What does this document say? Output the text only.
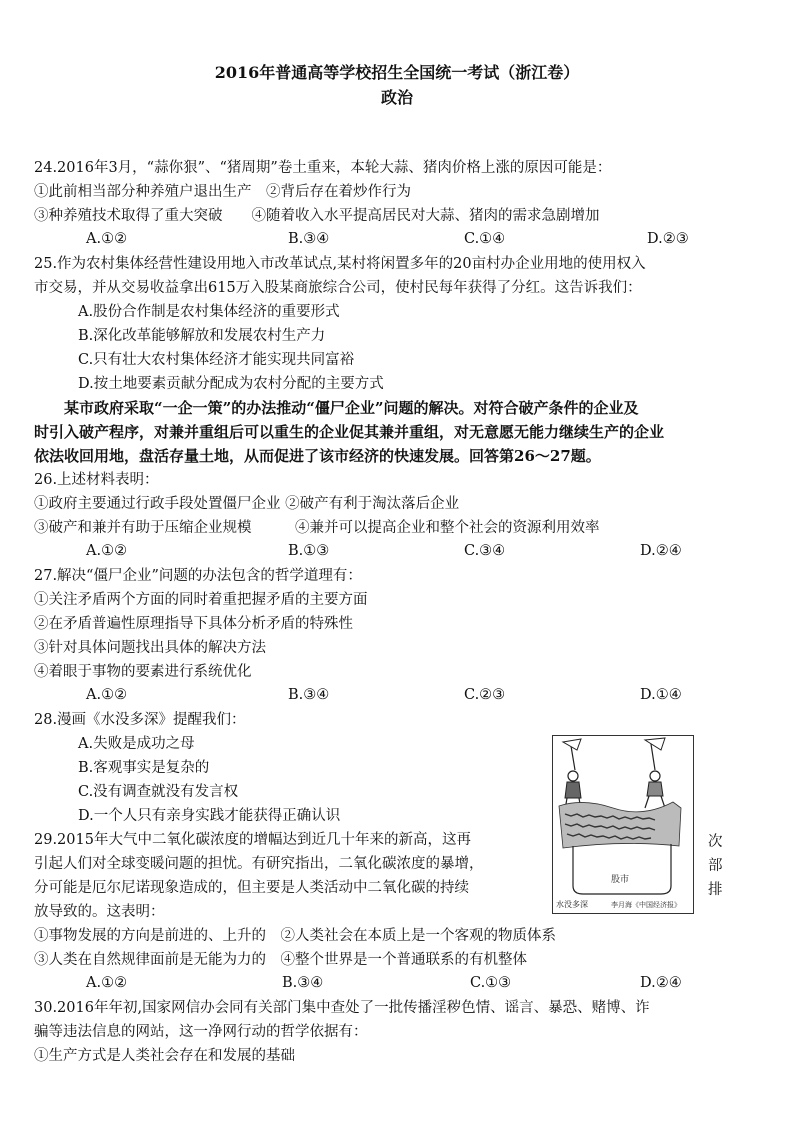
2016年普通高等学校招生全国统一考试（浙江卷）
政治
24.2016年3月，“蒜你狠”、“猪周期”卷土重来，本轮大蒜、猪肉价格上涨的原因可能是：
①此前相当部分种养殖户退出生产　②背后存在着炒作行为
③种养殖技术取得了重大突破　　④随着收入水平提高居民对大蒜、猪肉的需求急剧增加
A.①②	B.③④	C.①④	D.②③
25.作为农村集体经营性建设用地入市改革试点,某村将闲置多年的20亩村办企业用地的使用权入
市交易，并从交易收益拿出615万入股某商旅综合公司，使村民每年获得了分红。这告诉我们：
A.股份合作制是农村集体经济的重要形式
B.深化改革能够解放和发展农村生产力
C.只有壮大农村集体经济才能实现共同富裕
D.按土地要素贡献分配成为农村分配的主要方式
　　某市政府采取“一企一策”的办法推动“僵尸企业”问题的解决。对符合破产条件的企业及
时引入破产程序，对兼并重组后可以重生的企业促其兼并重组，对无意愿无能力继续生产的企业
依法收回用地，盘活存量土地，从而促进了该市经济的快速发展。回答第26～27题。
26.上述材料表明：
①政府主要通过行政手段处置僵尸企业 ②破产有利于淘汰落后企业
③破产和兼并有助于压缩企业规模　　　④兼并可以提高企业和整个社会的资源利用效率
A.①②	B.①③	C.③④	D.②④
27.解决“僵尸企业”问题的办法包含的哲学道理有：
①关注矛盾两个方面的同时着重把握矛盾的主要方面
②在矛盾普遍性原理指导下具体分析矛盾的特殊性
③针对具体问题找出具体的解决方法
④着眼于事物的要素进行系统优化
A.①②	B.③④	C.②③	D.①④
28.漫画《水没多深》提醒我们：
A.失败是成功之母
B.客观事实是复杂的
C.没有调查就没有发言权
D.一个人只有亲身实践才能获得正确认识
股市
水没多深	李月海《中国经济报》
29.2015年大气中二氧化碳浓度的增幅达到近几十年来的新高，这再	次
引起人们对全球变暖问题的担忧。有研究指出，二氧化碳浓度的暴增，	部
分可能是厄尔尼诺现象造成的，但主要是人类活动中二氧化碳的持续	排
放导致的。这表明：
①事物发展的方向是前进的、上升的　②人类社会在本质上是一个客观的物质体系
③人类在自然规律面前是无能为力的　④整个世界是一个普通联系的有机整体
A.①②	B.③④	C.①③	D.②④
30.2016年年初,国家网信办会同有关部门集中查处了一批传播淫秽色情、谣言、暴恐、赌博、诈
骗等违法信息的网站，这一净网行动的哲学依据有：
①生产方式是人类社会存在和发展的基础
